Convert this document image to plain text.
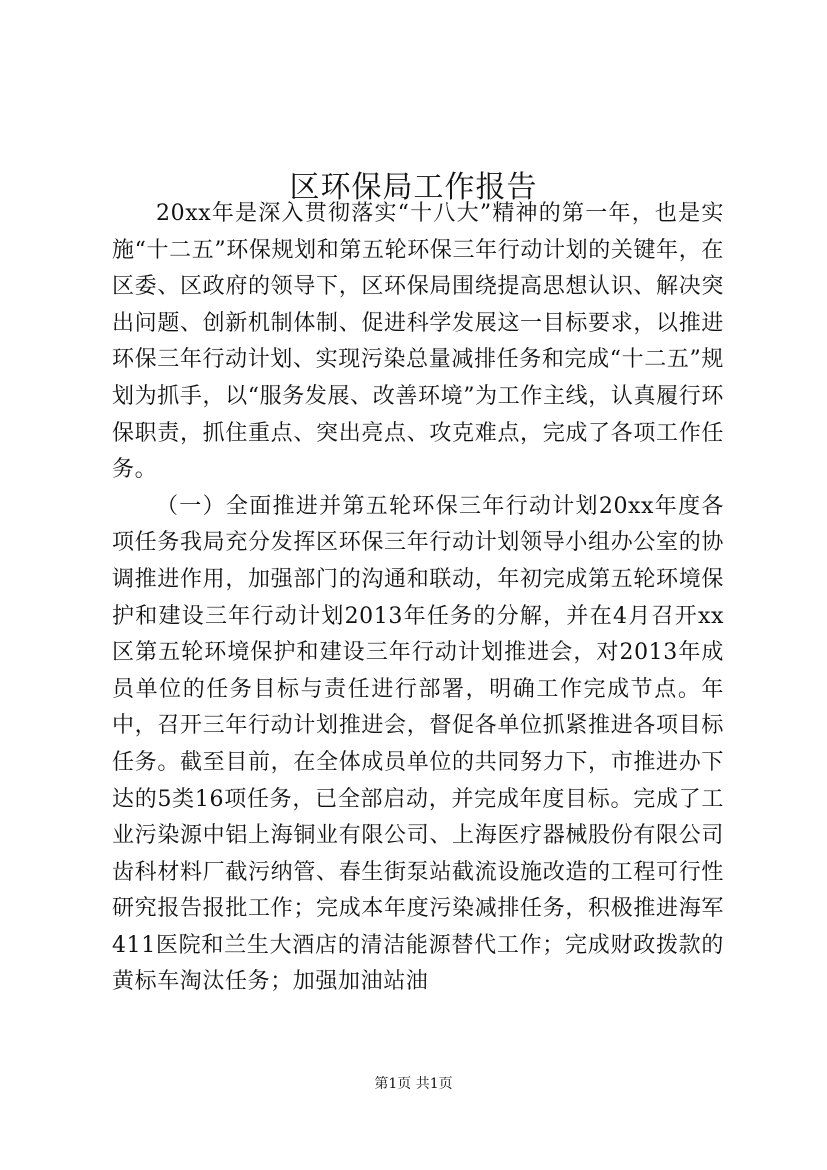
区环保局工作报告

20xx年是深入贯彻落实“十八大”精神的第一年，也是实施“十二五”环保规划和第五轮环保三年行动计划的关键年，在区委、区政府的领导下，区环保局围绕提高思想认识、解决突出问题、创新机制体制、促进科学发展这一目标要求，以推进环保三年行动计划、实现污染总量减排任务和完成“十二五”规划为抓手，以“服务发展、改善环境”为工作主线，认真履行环保职责，抓住重点、突出亮点、攻克难点，完成了各项工作任务。

（一）全面推进并第五轮环保三年行动计划20xx年度各项任务我局充分发挥区环保三年行动计划领导小组办公室的协调推进作用，加强部门的沟通和联动，年初完成第五轮环境保护和建设三年行动计划2013年任务的分解，并在4月召开xx区第五轮环境保护和建设三年行动计划推进会，对2013年成员单位的任务目标与责任进行部署，明确工作完成节点。年中，召开三年行动计划推进会，督促各单位抓紧推进各项目标任务。截至目前，在全体成员单位的共同努力下，市推进办下达的5类16项任务，已全部启动，并完成年度目标。完成了工业污染源中铝上海铜业有限公司、上海医疗器械股份有限公司齿科材料厂截污纳管、春生街泵站截流设施改造的工程可行性研究报告报批工作；完成本年度污染减排任务，积极推进海军411医院和兰生大酒店的清洁能源替代工作；完成财政拨款的黄标车淘汰任务；加强加油站油

第1页 共1页
